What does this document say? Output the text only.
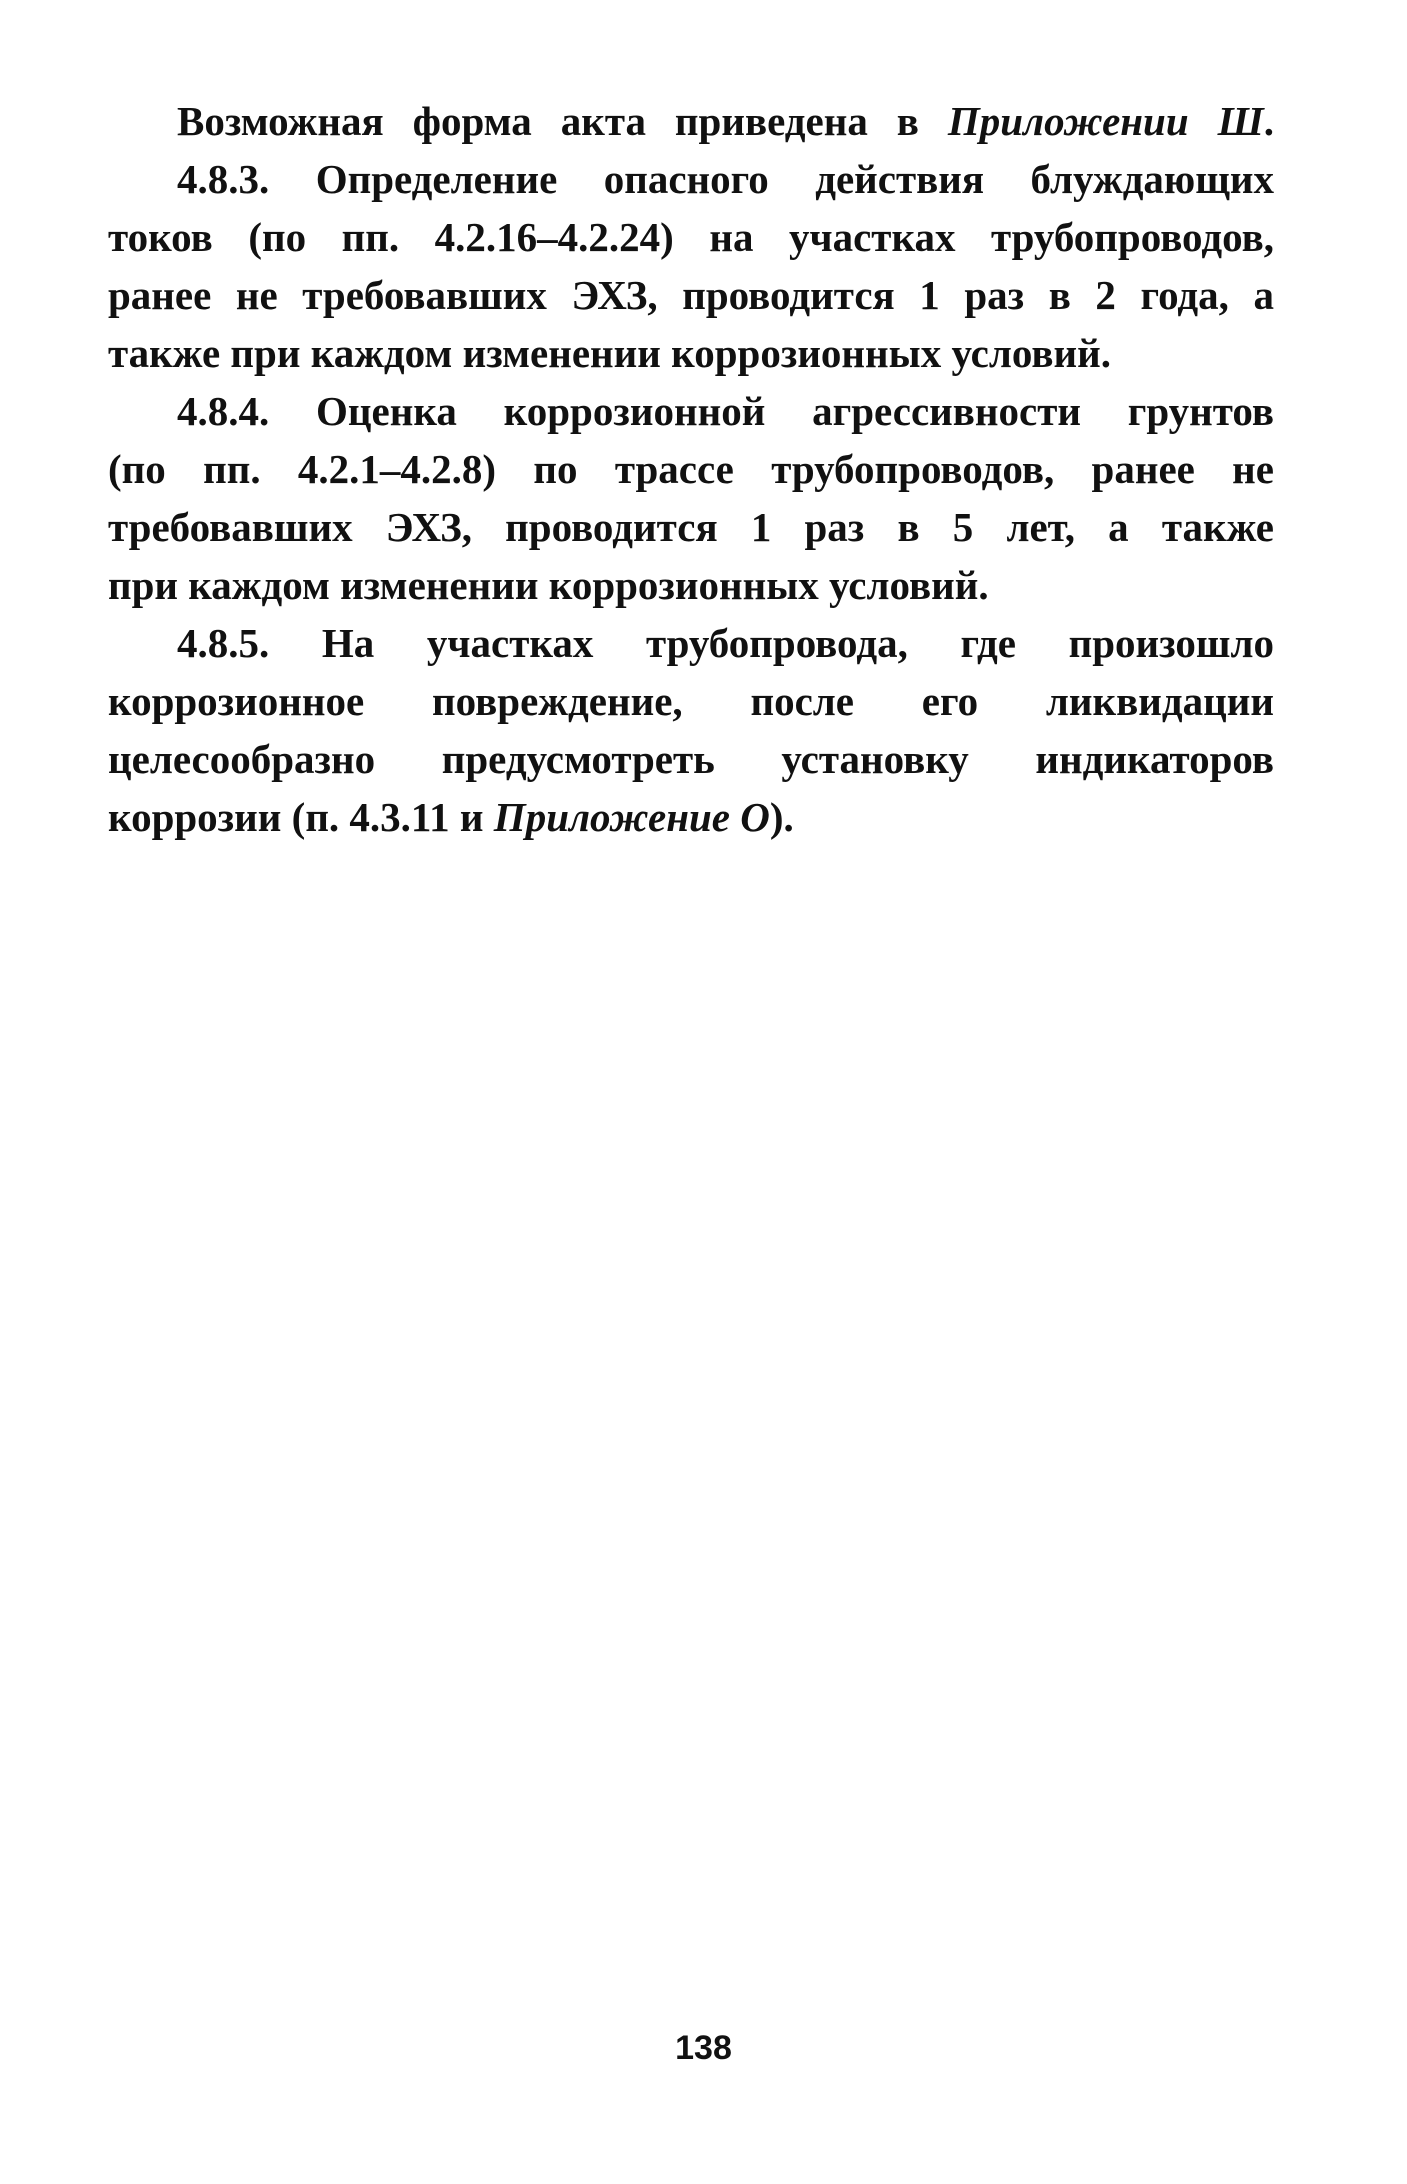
Возможная форма акта приведена в Приложении Ш.
4.8.3. Определение опасного действия блуждающих
токов (по пп. 4.2.16–4.2.24) на участках трубопроводов,
ранее не требовавших ЭХЗ, проводится 1 раз в 2 года, а
также при каждом изменении коррозионных условий.
4.8.4. Оценка коррозионной агрессивности грунтов
(по пп. 4.2.1–4.2.8) по трассе трубопроводов, ранее не
требовавших ЭХЗ, проводится 1 раз в 5 лет, а также
при каждом изменении коррозионных условий.
4.8.5. На участках трубопровода, где произошло
коррозионное повреждение, после его ликвидации
целесообразно предусмотреть установку индикаторов
коррозии (п. 4.3.11 и Приложение О).
138
